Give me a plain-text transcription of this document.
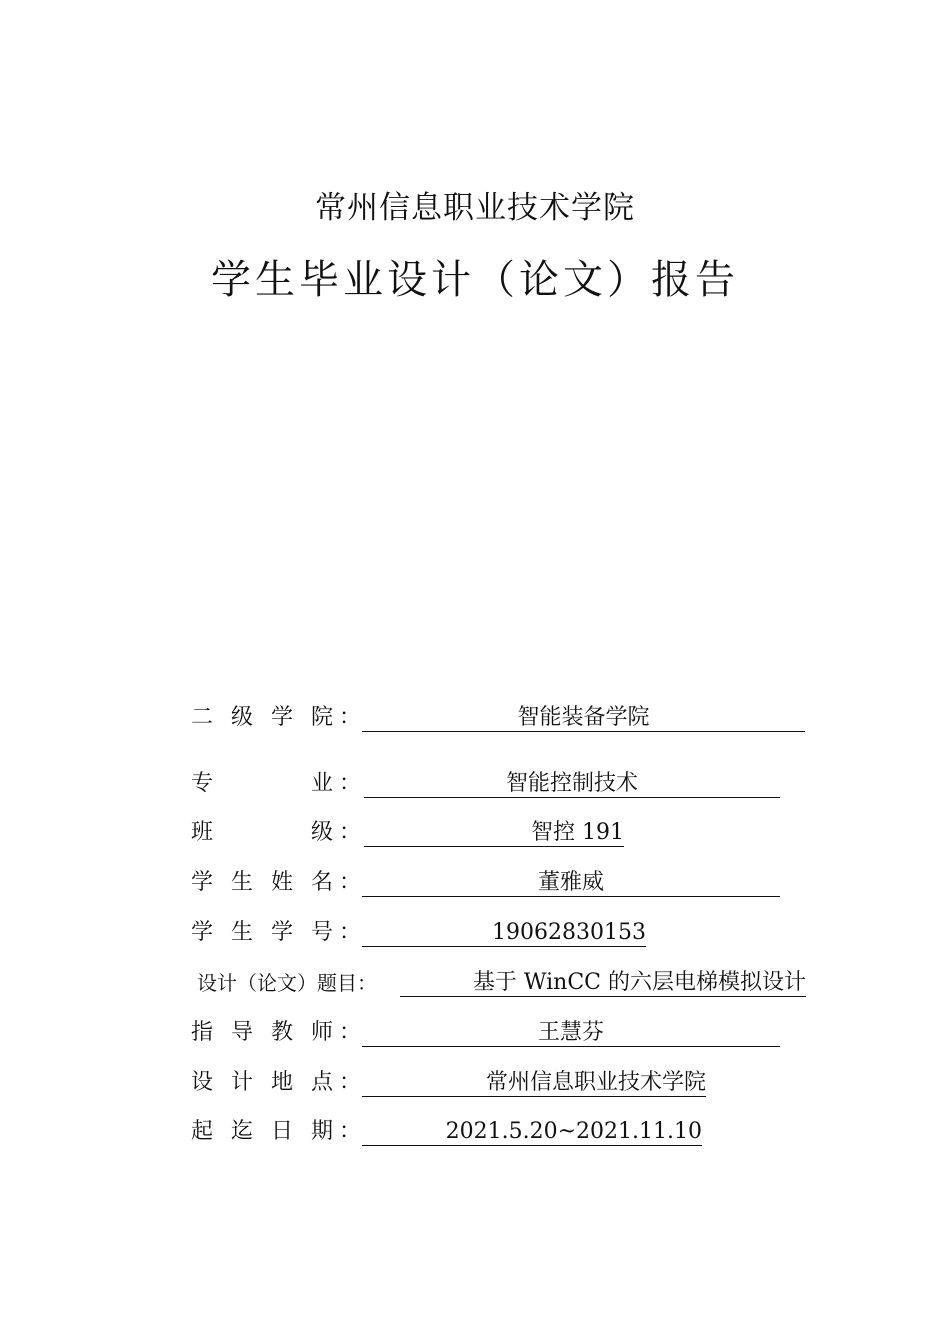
常州信息职业技术学院
学生毕业设计（论文）报告
二 级 学 院 ：	智能装备学院
专	业 ：	智能控制技术
班	级 ：	智控 191
学 生 姓 名 ：	董雅威
学 生 学 号 ：	19062830153
设计（论文）题目：	基于 WinCC 的六层电梯模拟设计
指 导 教 师 ：	王慧芬
设 计 地 点 ：	常州信息职业技术学院
起 迄 日 期 ：	2021.5.20~2021.11.10
